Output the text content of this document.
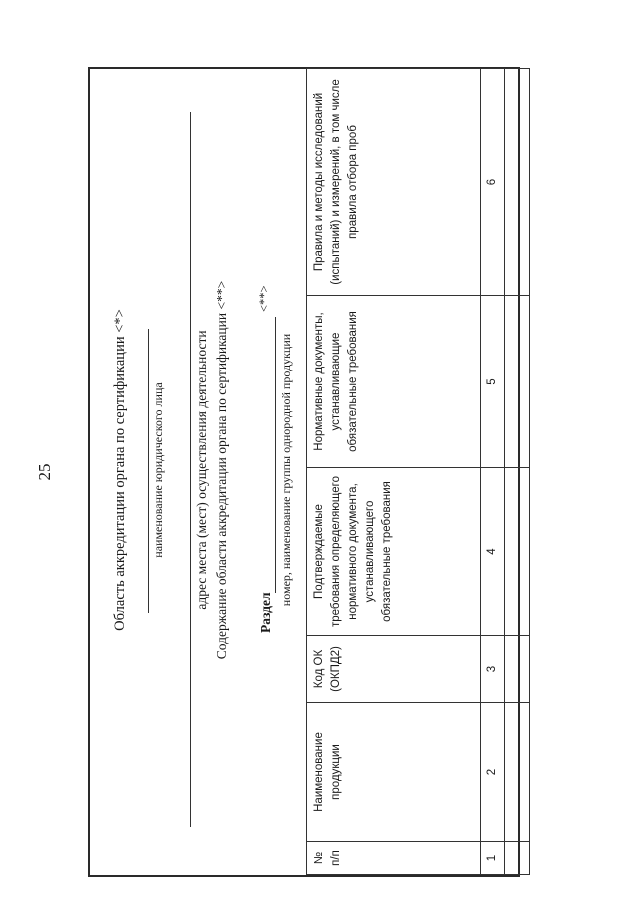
25	Область аккредитации органа по сертификации <*> наименование юридического лица адрес места (мест) осуществления деятельности Содержание области аккредитации органа по сертификации <**> Раздел
<**>
номер, наименование группы однородной продукции
№ п/п	Наименование продукции	Код ОК (ОКПД2)	Подтверждаемые требования определяющего нормативного документа, устанавливающего обязательные требования	Нормативные документы, устанавливающие обязательные требования	Правила и методы исследований (испытаний) и измерений, в том числе правила отбора проб
1	2	3	4	5	6
